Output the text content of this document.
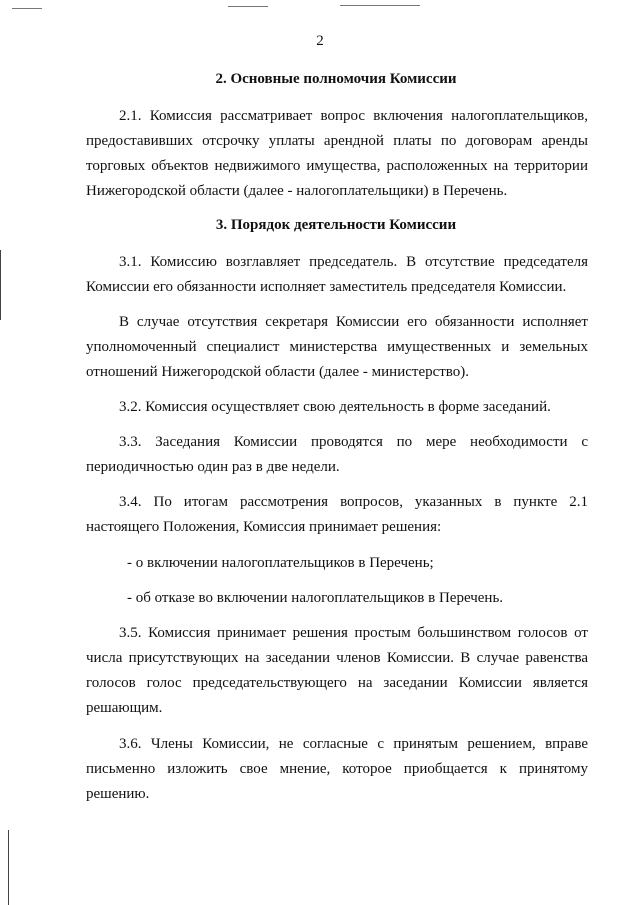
2

2. Основные полномочия Комиссии

2.1. Комиссия рассматривает вопрос включения налогоплательщиков, предоставивших отсрочку уплаты арендной платы по договорам аренды торговых объектов недвижимого имущества, расположенных на территории Нижегородской области (далее - налогоплательщики) в Перечень.

3. Порядок деятельности Комиссии

3.1. Комиссию возглавляет председатель. В отсутствие председателя Комиссии его обязанности исполняет заместитель председателя Комиссии.

В случае отсутствия секретаря Комиссии его обязанности исполняет уполномоченный специалист министерства имущественных и земельных отношений Нижегородской области (далее - министерство).

3.2. Комиссия осуществляет свою деятельность в форме заседаний.

3.3. Заседания Комиссии проводятся по мере необходимости с периодичностью один раз в две недели.

3.4. По итогам рассмотрения вопросов, указанных в пункте 2.1 настоящего Положения, Комиссия принимает решения:

- о включении налогоплательщиков в Перечень;

- об отказе во включении налогоплательщиков в Перечень.

3.5. Комиссия принимает решения простым большинством голосов от числа присутствующих на заседании членов Комиссии. В случае равенства голосов голос председательствующего на заседании Комиссии является решающим.

3.6. Члены Комиссии, не согласные с принятым решением, вправе письменно изложить свое мнение, которое приобщается к принятому решению.
